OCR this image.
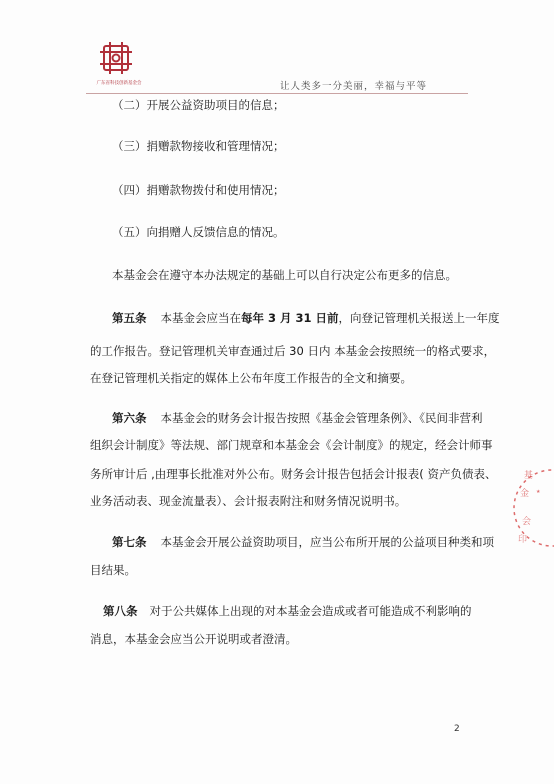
广东省科技创新基金会	让人类多一分美丽，幸福与平等
（二）开展公益资助项目的信息；
（三）捐赠款物接收和管理情况；
（四）捐赠款物拨付和使用情况；
（五）向捐赠人反馈信息的情况。
本基金会在遵守本办法规定的基础上可以自行决定公布更多的信息。
第五条 本基金会应当在每年 3 月 31 日前，向登记管理机关报送上一年度
的工作报告。登记管理机关审查通过后 30 日内 本基金会按照统一的格式要求，
在登记管理机关指定的媒体上公布年度工作报告的全文和摘要。
第六条 本基金会的财务会计报告按照《基金会管理条例》、《民间非营利
组织会计制度》等法规、部门规章和本基金会《会计制度》的规定，经会计师事
务所审计后 ,由理事长批准对外公布。财务会计报告包括会计报表( 资产负债表、
业务活动表、现金流量表）、会计报表附注和财务情况说明书。
第七条 本基金会开展公益资助项目，应当公布所开展的公益项目种类和项
目结果。
第八条 对于公共媒体上出现的对本基金会造成或者可能造成不利影响的
消息，本基金会应当公开说明或者澄清。
2
基
金 ★
会
印
